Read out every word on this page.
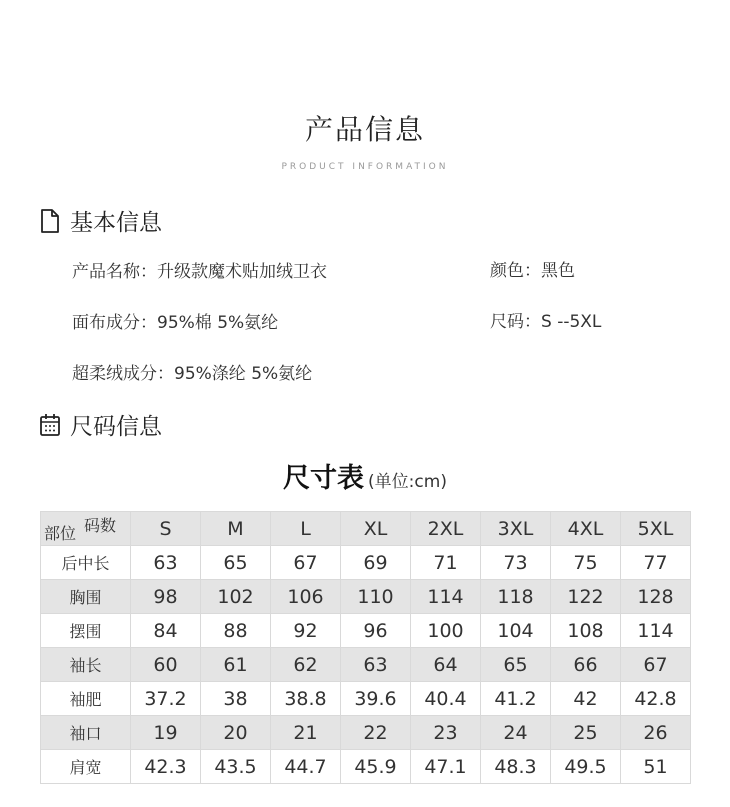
产品信息
PRODUCT INFORMATION
基本信息
产品名称：升级款魔术贴加绒卫衣
面布成分：95%棉 5%氨纶
超柔绒成分：95%涤纶 5%氨纶
颜色：黑色
尺码：S --5XL
尺码信息
尺寸表 (单位:cm)
码数
部位	S	M	L	XL	2XL	3XL	4XL	5XL
后中长	63	65	67	69	71	73	75	77
胸围	98	102	106	110	114	118	122	128
摆围	84	88	92	96	100	104	108	114
袖长	60	61	62	63	64	65	66	67
袖肥	37.2	38	38.8	39.6	40.4	41.2	42	42.8
袖口	19	20	21	22	23	24	25	26
肩宽	42.3	43.5	44.7	45.9	47.1	48.3	49.5	51
